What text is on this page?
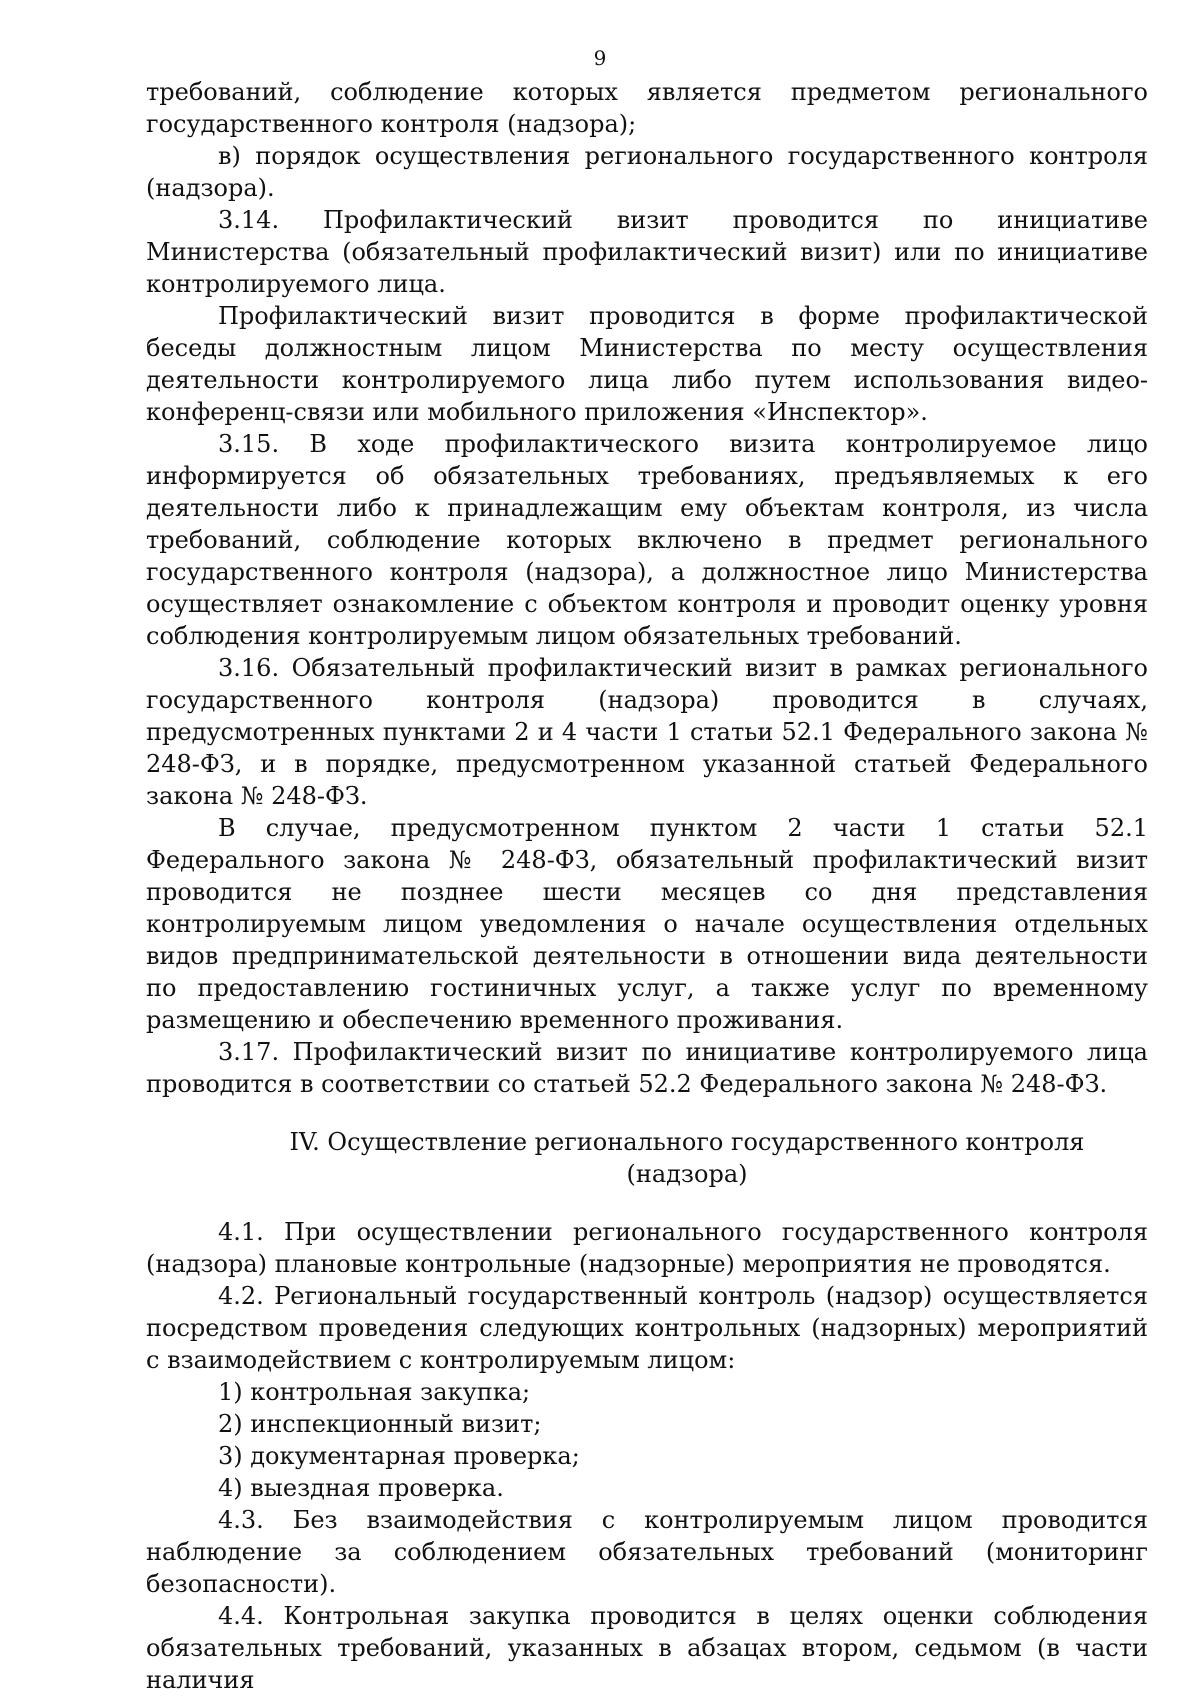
9

требований, соблюдение которых является предметом регионального государственного контроля (надзора);

в) порядок осуществления регионального государственного контроля (надзора).

3.14. Профилактический визит проводится по инициативе Министерства (обязательный профилактический визит) или по инициативе контролируемого лица.

Профилактический визит проводится в форме профилактической беседы должностным лицом Министерства по месту осуществления деятельности контролируемого лица либо путем использования видео-конференц-связи или мобильного приложения «Инспектор».

3.15. В ходе профилактического визита контролируемое лицо информируется об обязательных требованиях, предъявляемых к его деятельности либо к принадлежащим ему объектам контроля, из числа требований, соблюдение которых включено в предмет регионального государственного контроля (надзора), а должностное лицо Министерства осуществляет ознакомление с объектом контроля и проводит оценку уровня соблюдения контролируемым лицом обязательных требований.

3.16. Обязательный профилактический визит в рамках регионального государственного контроля (надзора) проводится в случаях, предусмотренных пунктами 2 и 4 части 1 статьи 52.1 Федерального закона № 248-ФЗ, и в порядке, предусмотренном указанной статьей Федерального закона № 248-ФЗ.

В случае, предусмотренном пунктом 2 части 1 статьи 52.1 Федерального закона № 248-ФЗ, обязательный профилактический визит проводится не позднее шести месяцев со дня представления контролируемым лицом уведомления о начале осуществления отдельных видов предпринимательской деятельности в отношении вида деятельности по предоставлению гостиничных услуг, а также услуг по временному размещению и обеспечению временного проживания.

3.17. Профилактический визит по инициативе контролируемого лица проводится в соответствии со статьей 52.2 Федерального закона № 248-ФЗ.

IV. Осуществление регионального государственного контроля (надзора)

4.1. При осуществлении регионального государственного контроля (надзора) плановые контрольные (надзорные) мероприятия не проводятся.

4.2. Региональный государственный контроль (надзор) осуществляется посредством проведения следующих контрольных (надзорных) мероприятий с взаимодействием с контролируемым лицом:

1) контрольная закупка;

2) инспекционный визит;

3) документарная проверка;

4) выездная проверка.

4.3. Без взаимодействия с контролируемым лицом проводится наблюдение за соблюдением обязательных требований (мониторинг безопасности).

4.4. Контрольная закупка проводится в целях оценки соблюдения обязательных требований, указанных в абзацах втором, седьмом (в части наличия
